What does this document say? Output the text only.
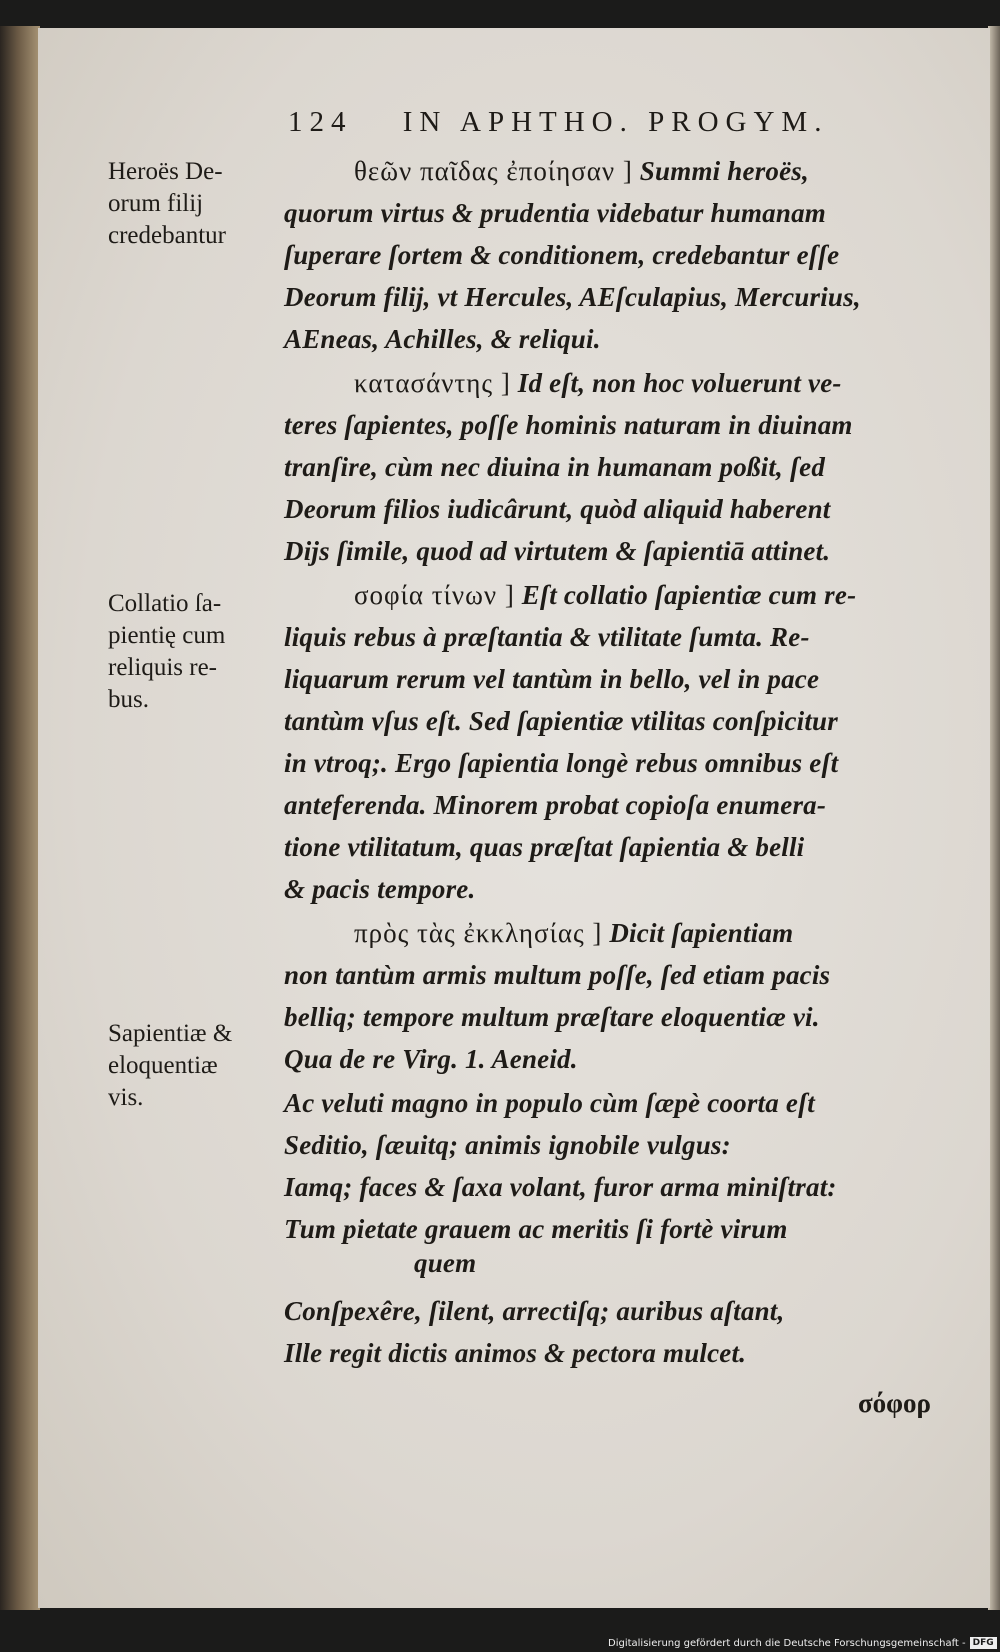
124 IN APHTHO. PROGYM.
Heroës De-
orum filij
credebantur
Collatio ſa-
pientię cum
reliquis re-
bus.
Sapientiæ &
eloquentiæ
vis.
θεῶν παῖδας ἐποίησαν ] Summi heroës,
quorum virtus & prudentia videbatur humanam
ſuperare ſortem & conditionem, credebantur eſſe
Deorum filij, vt Hercules, AEſculapius, Mercurius,
AEneas, Achilles, & reliqui.
κατασάντης ] Id eſt, non hoc voluerunt ve-
teres ſapientes, poſſe hominis naturam in diuinam
tranſire, cùm nec diuina in humanam poßit, ſed
Deorum filios iudicârunt, quòd aliquid haberent
Dijs ſimile, quod ad virtutem & ſapientiā attinet.
σοφία τίνων ] Eſt collatio ſapientiæ cum re-
liquis rebus à præſtantia & vtilitate ſumta. Re-
liquarum rerum vel tantùm in bello, vel in pace
tantùm vſus eſt. Sed ſapientiæ vtilitas conſpicitur
in vtroq;. Ergo ſapientia longè rebus omnibus eſt
anteferenda. Minorem probat copioſa enumera-
tione vtilitatum, quas præſtat ſapientia & belli
& pacis tempore.
πρὸς τὰς ἐκκλησίας ] Dicit ſapientiam
non tantùm armis multum poſſe, ſed etiam pacis
belliq; tempore multum præſtare eloquentiæ vi.
Qua de re Virg. 1. Aeneid.
Ac veluti magno in populo cùm ſæpè coorta eſt
Seditio, ſæuitq; animis ignobile vulgus:
Iamq; faces & ſaxa volant, furor arma miniſtrat:
Tum pietate grauem ac meritis ſi fortè virum
quem
Conſpexêre, ſilent, arrectiſq; auribus aſtant,
Ille regit dictis animos & pectora mulcet.
σόφορ
Digitalisierung gefördert durch die Deutsche Forschungsgemeinschaft - DFG
